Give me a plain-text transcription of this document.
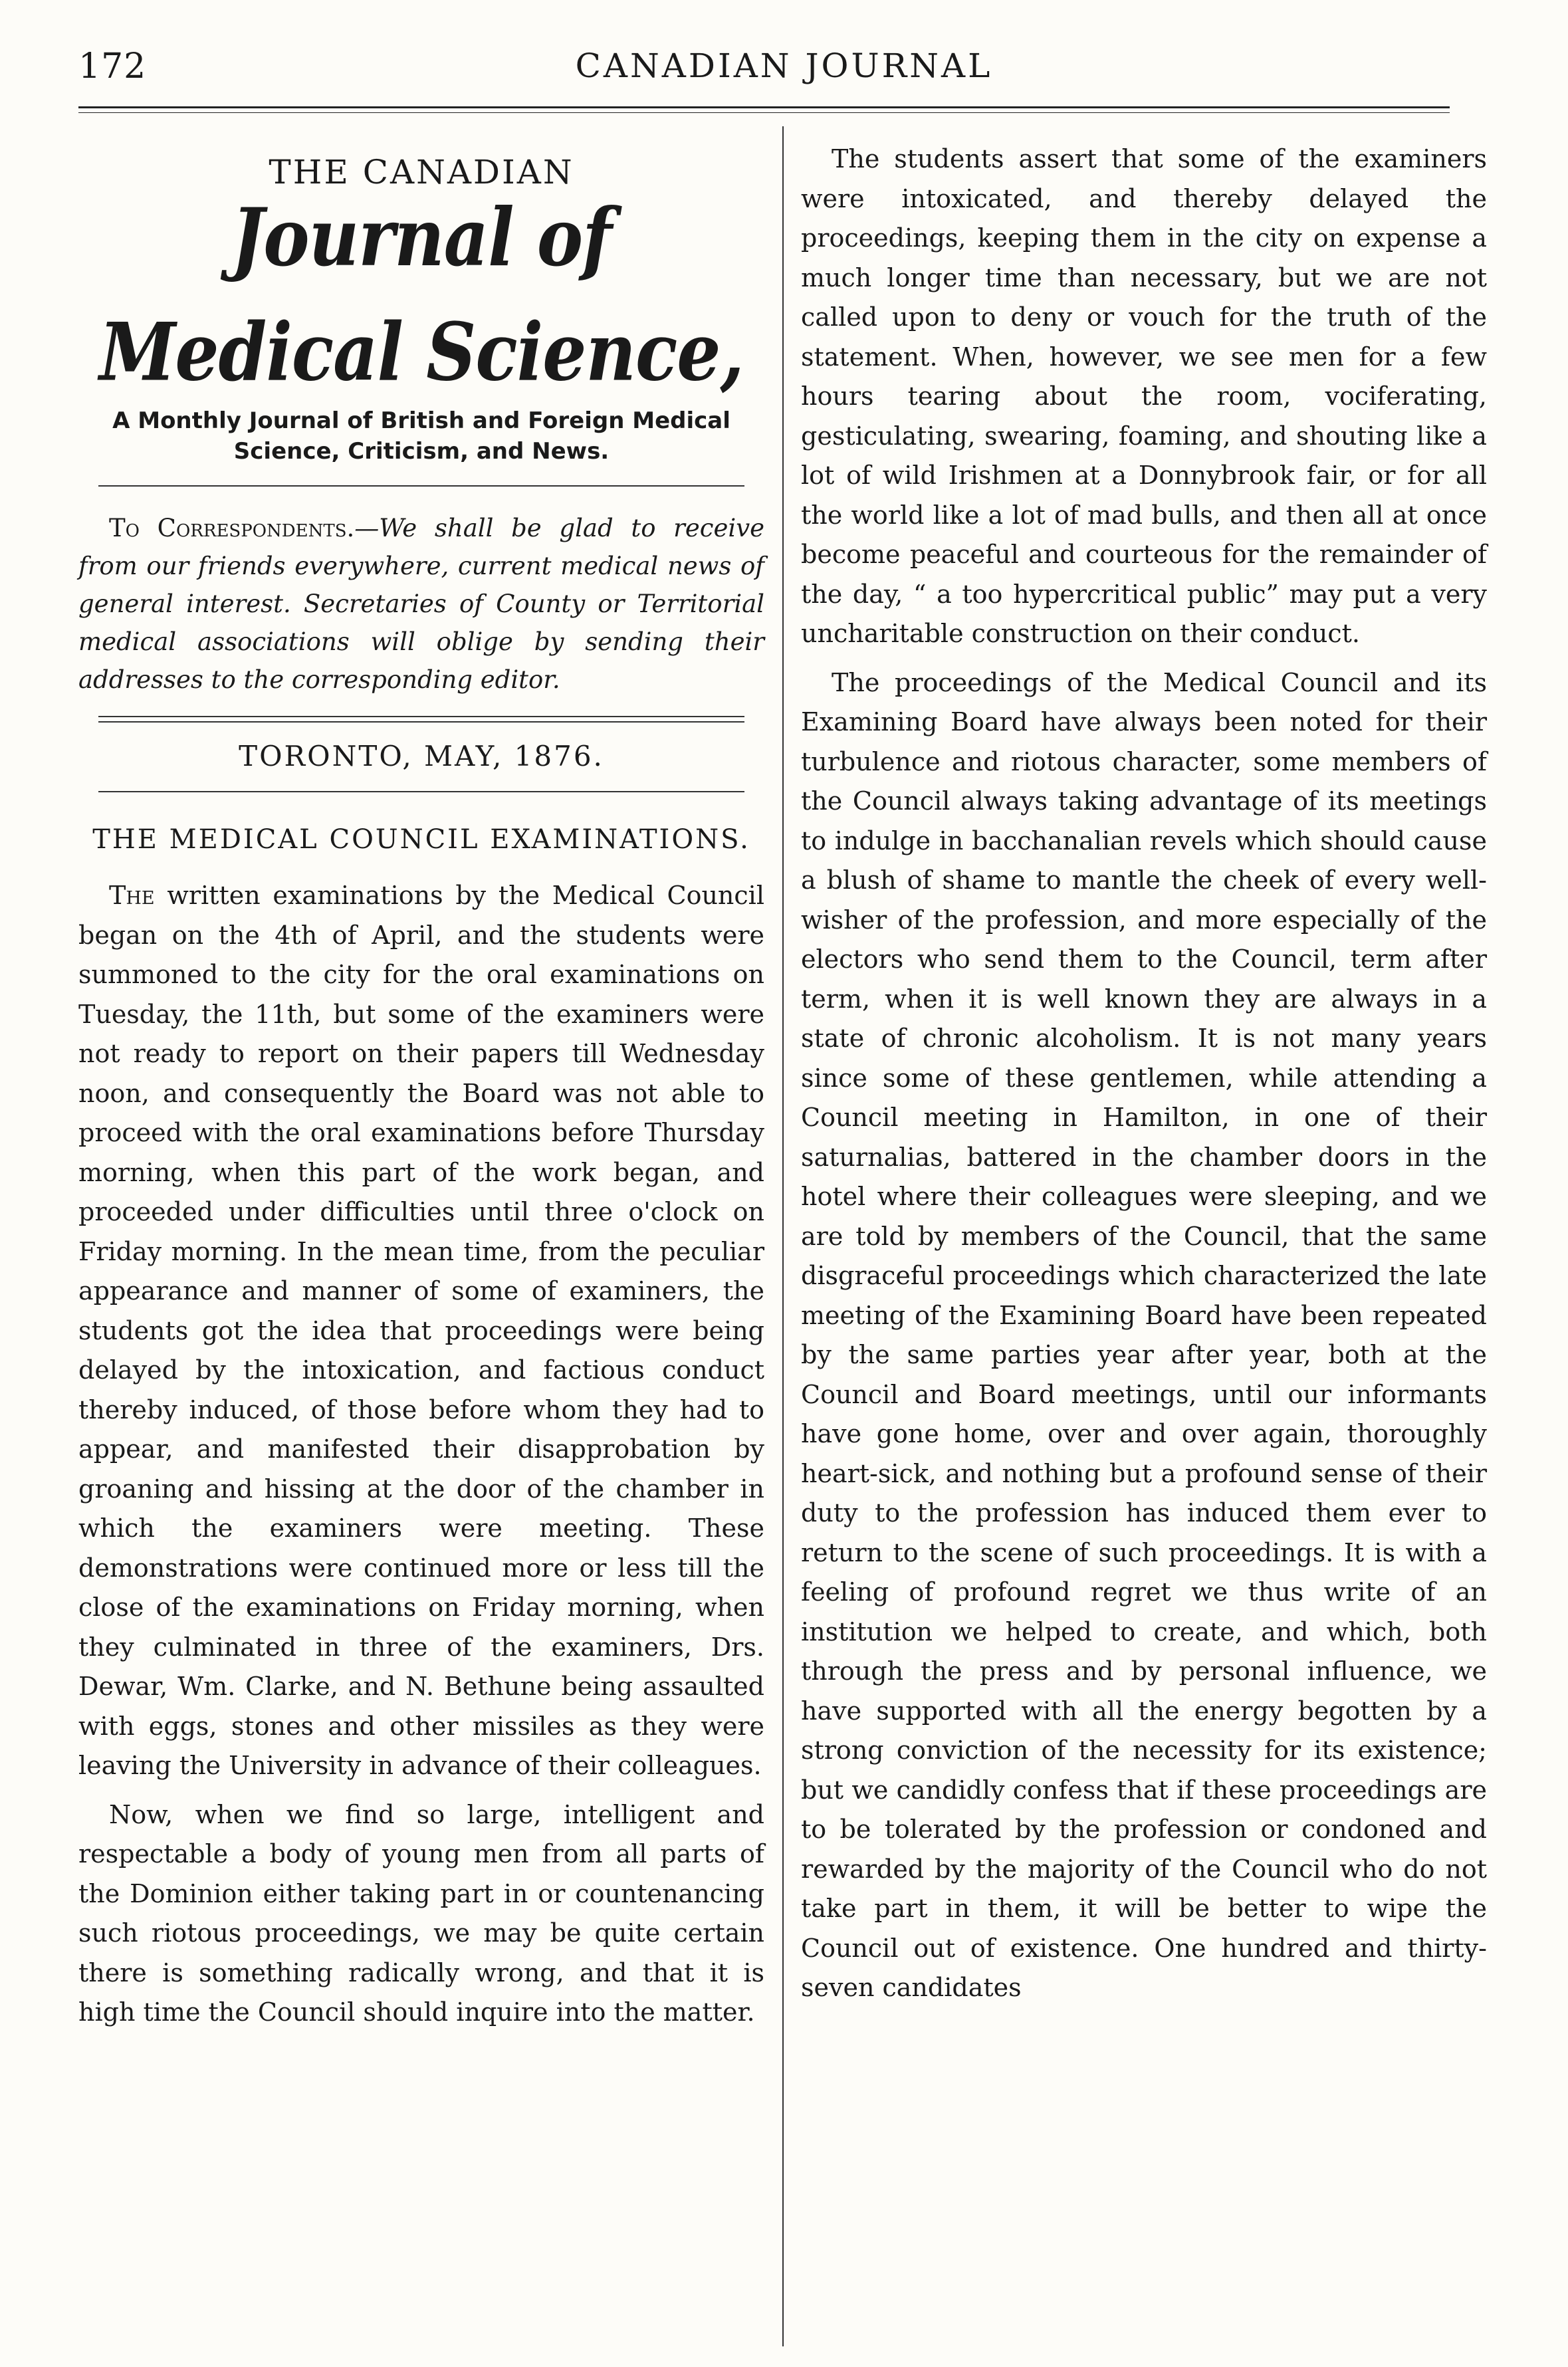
172	CANADIAN JOURNAL
THE CANADIAN
Journal of Medical Science,
A Monthly Journal of British and Foreign Medical Science, Criticism, and News.

To Correspondents.—We shall be glad to receive from our friends everywhere, current medical news of general interest. Secretaries of County or Territorial medical associations will oblige by sending their addresses to the corresponding editor.

TORONTO, MAY, 1876.
THE MEDICAL COUNCIL EXAMINATIONS.

The written examinations by the Medical Council began on the 4th of April, and the students were summoned to the city for the oral examinations on Tuesday, the 11th, but some of the examiners were not ready to report on their papers till Wednesday noon, and consequently the Board was not able to proceed with the oral examinations before Thursday morning, when this part of the work began, and proceeded under difficulties until three o'clock on Friday morning. In the mean time, from the peculiar appearance and manner of some of examiners, the students got the idea that proceedings were being delayed by the intoxication, and factious conduct thereby induced, of those before whom they had to appear, and manifested their disapprobation by groaning and hissing at the door of the chamber in which the examiners were meeting. These demonstrations were continued more or less till the close of the examinations on Friday morning, when they culminated in three of the examiners, Drs. Dewar, Wm. Clarke, and N. Bethune being assaulted with eggs, stones and other missiles as they were leaving the University in advance of their colleagues.

Now, when we find so large, intelligent and respectable a body of young men from all parts of the Dominion either taking part in or countenancing such riotous proceedings, we may be quite certain there is something radically wrong, and that it is high time the Council should inquire into the matter.

The students assert that some of the examiners were intoxicated, and thereby delayed the proceedings, keeping them in the city on expense a much longer time than necessary, but we are not called upon to deny or vouch for the truth of the statement. When, however, we see men for a few hours tearing about the room, vociferating, gesticulating, swearing, foaming, and shouting like a lot of wild Irishmen at a Donnybrook fair, or for all the world like a lot of mad bulls, and then all at once become peaceful and courteous for the remainder of the day, “ a too hypercritical public” may put a very uncharitable construction on their conduct.

The proceedings of the Medical Council and its Examining Board have always been noted for their turbulence and riotous character, some members of the Council always taking advantage of its meetings to indulge in bacchanalian revels which should cause a blush of shame to mantle the cheek of every well-wisher of the profession, and more especially of the electors who send them to the Council, term after term, when it is well known they are always in a state of chronic alcoholism. It is not many years since some of these gentlemen, while attending a Council meeting in Hamilton, in one of their saturnalias, battered in the chamber doors in the hotel where their colleagues were sleeping, and we are told by members of the Council, that the same disgraceful proceedings which characterized the late meeting of the Examining Board have been repeated by the same parties year after year, both at the Council and Board meetings, until our informants have gone home, over and over again, thoroughly heart-sick, and nothing but a profound sense of their duty to the profession has induced them ever to return to the scene of such proceedings. It is with a feeling of profound regret we thus write of an institution we helped to create, and which, both through the press and by personal influence, we have supported with all the energy begotten by a strong conviction of the necessity for its existence; but we candidly confess that if these proceedings are to be tolerated by the profession or condoned and rewarded by the majority of the Council who do not take part in them, it will be better to wipe the Council out of existence. One hundred and thirty-seven candidates
